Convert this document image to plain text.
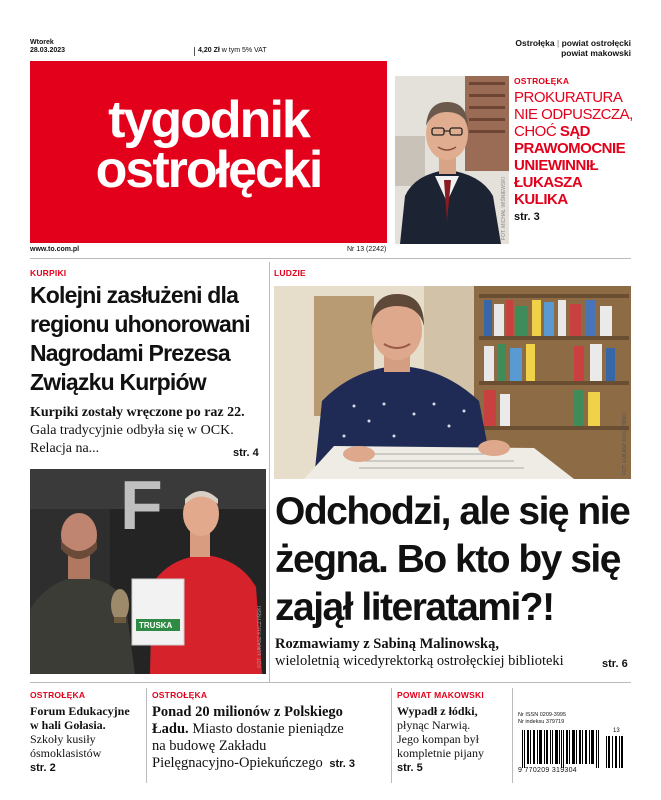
Wtorek
28.03.2023	4,20 Zł w tym 5% VAT
Ostrołęka | powiat ostrołęcki
powiat makowski
tygodnik
ostrołęcki
www.to.com.pl	Nr 13 (2242)
FOT. MICHAŁ WIŚNIEWSKI
OSTROŁĘKA
PROKURATURA
NIE ODPUSZCZA,
CHOĆ SĄD
PRAWOMOCNIE
UNIEWINNIŁ
ŁUKASZA
KULIKA
str. 3
KURPIKI
Kolejni zasłużeni dla
regionu uhonorowani
Nagrodami Prezesa
Związku Kurpiów
Kurpiki zostały wręczone po raz 22. Gala tradycyjnie odbyła się w OCK. Relacja na...	str. 4
F
TRUSKA	FOT. ŁUKASZ KUCZYŃSKI
LUDZIE
FOT. ŁUKASZ KUCZYŃSKI
Odchodzi, ale się nie
żegna. Bo kto by się
zajął literatami?!
Rozmawiamy z Sabiną Malinowską,
wieloletnią wicedyrektorką ostrołęckiej biblioteki	str. 6
OSTROŁĘKA
Forum Edukacyjne
w hali Gołasia.
Szkoły kusiły
ósmoklasistów
str. 2
OSTROŁĘKA
Ponad 20 milionów z Polskiego
Ładu. Miasto dostanie pieniądze
na budowę Zakładu
Pielęgnacyjno-Opiekuńczego str. 3
POWIAT MAKOWSKI
Wypadł z łódki,
płynąc Narwią.
Jego kompan był
kompletnie pijany
str. 5
Nr ISSN 0209-3995
Nr indeksu 379719
9 770209 319304
13
